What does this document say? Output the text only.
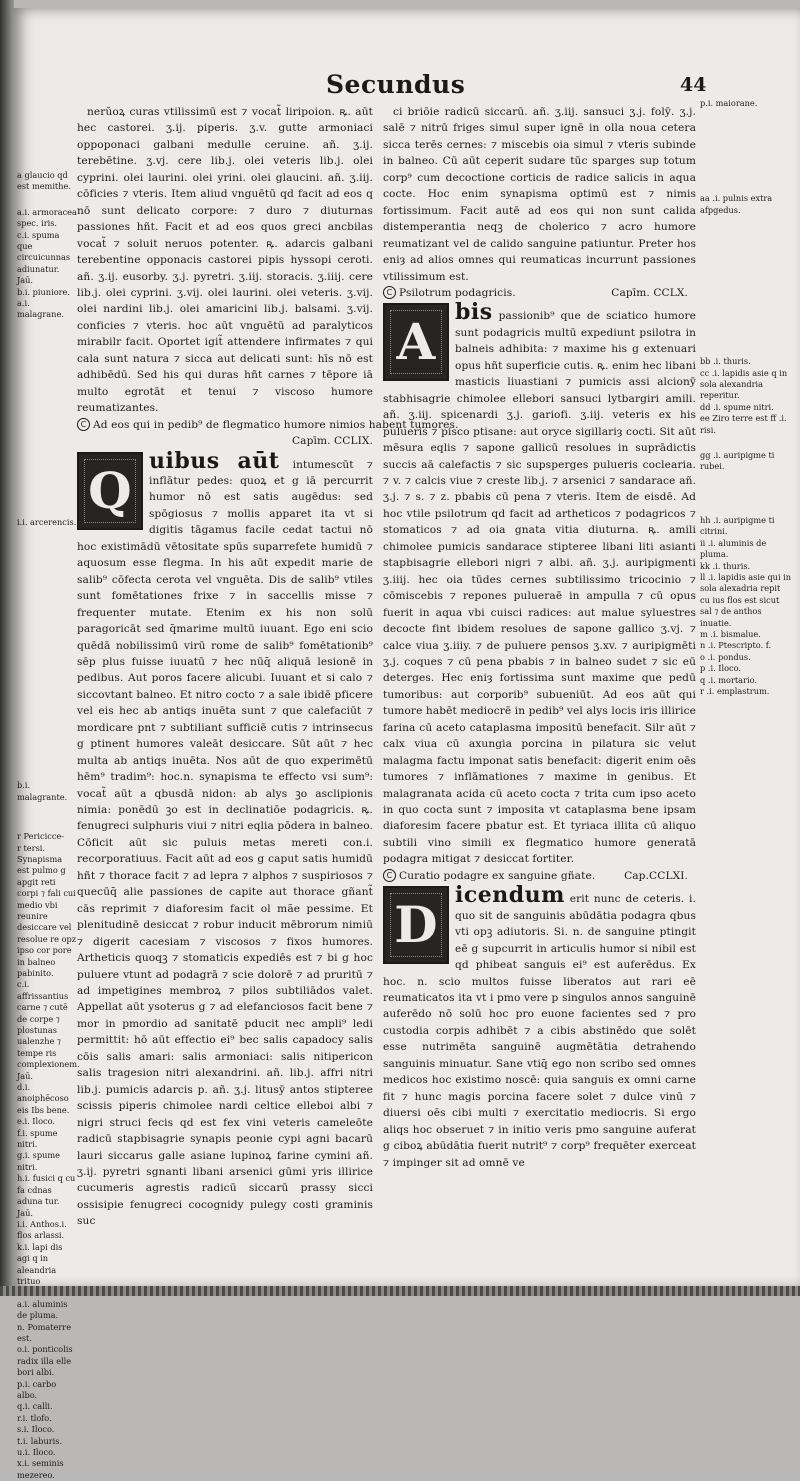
Secundus	44

a glaucio qd est memithe.

a.i. armoracea spec. iris.

c.i. spuma que circuicunnas adiunatur. Jaū.

b.i. piuniore.

a.i. malagrane.

i.i. arcerencis.

b.i. malagrante.

r Pericicce-

r tersi.

Synapisma est pulmo g apgit reti corpi ⁊ fali cui medio vbi reunire desiccare vel resolue re opz ipso cor pore in balneo pabinito.

c.i. affrissantius carne ⁊ cutē de corpe ⁊ plostunas ualenzhe ⁊ tempe ris complexionem. Jaū.

d.i. anoiphēcoso eis Ibs bene.

e.i. Iloco.

f.i. spume nitri.

g.i. spume nitri.

h.i. fusici q cu fa cdnas aduna tur. Jaū.

i.i. Anthos.i. flos arlassi.

k.i. lapi dis agi q in aleandria trituo

a.i. aluminis de pluma.

n. Pomaterre est.

o.i. ponticolis radix illa elle bori albi.

p.i. carbo albo.

q.i. calli.

r.i. tlofo.

s.i. Iloco.

t.i. laburis.

u.i. Iloco.

x.i. seminis mezereo.

nerŭoꝝ curas vtilissimū est ⁊ vocat̃ liripoion. ꝶ. aūt hec castorei. ʒ.ij. piperis. ʒ.v. gutte armoniaci oppoponaci galbani medulle ceruine. añ. ʒ.ij. terebētine. ʒ.vj. cere lib.j. olei veteris lib.j. olei cyprini. olei laurini. olei yrini. olei glaucini. añ. ʒ.iij. cōficies ⁊ vteris. Item aliud vnguētū qd facit ad eos q nō sunt delicato corpore: ⁊ duro ⁊ diuturnas passiones hñt. Facit et ad eos quos greci ancbilas vocat̃ ⁊ soluit neruos potenter. ꝶ. adarcis galbani terebentine opponacis castorei pipis hyssopi ceroti. añ. ʒ.ij. eusorby. ʒ.j. pyretri. ʒ.iij. storacis. ʒ.iiij. cere lib.j. olei cyprini. ʒ.vij. olei laurini. olei veteris. ʒ.vij. olei nardini lib.j. olei amaricini lib.j. balsami. ʒ.vij. conficies ⁊ vteris. hoc aūt vnguētū ad paralyticos mirabilr facit. Oportet igit̃ attendere infirmates ⁊ qui cala sunt natura ⁊ sicca aut delicati sunt: hīs nō est adhibēdū. Sed his qui duras hñt carnes ⁊ tēpore iā multo egrotāt et tenui ⁊ viscoso humore reumatizantes.

C Ad eos qui in pedib⁹ de flegmatico humore nimios habent tumores.

Capīm. CCLIX.

Q uibus aūt intumescūt ⁊ inflātur pedes: quoꝝ et g iā percurrit humor nō est satis augēdus: sed spōgiosus ⁊ mollis apparet ita vt si digitis tāgamus facile cedat tactui nō hoc existimādū vētositate spūs suparrefete humidū ⁊ aquosum esse flegma. In his aūt expedit marie de salib⁹ cōfecta cerota vel vnguēta. Dis de salib⁹ vtiles sunt fomētationes frixe ⁊ in saccellis misse ⁊ frequenter mutate. Etenim ex his non solū paragoricāt sed q̄marime multū iuuant. Ego eni scio quēdā nobilissimū virū rome de salib⁹ fomētationib⁹ sēp plus fuisse iuuatū ⁊ hec nūq̄ aliquā lesionē in pedibus. Aut poros facere alicubi. Iuuant et si calo ⁊ siccovtant balneo. Et nitro cocto ⁊ a sale ibidē pficere vel eis hec ab antiqs inuēta sunt ⁊ que calefaciūt ⁊ mordicare pnt ⁊ subtiliant sufficiē cutis ⁊ intrinsecus g ptinent humores valeāt desiccare. Sūt aūt ⁊ hec multa ab antiqs inuēta. Nos aūt de quo experimētū hēm⁹ tradim⁹: hoc.n. synapisma te effecto vsi sum⁹: vocat̃ aūt a qbusdā nidon: ab alys ꝫo asclipionis nimia: ponēdū ꝫo est in declinatiōe podagricis. ꝶ. fenugreci sulphuris viui ⁊ nitri eqlia pōdera in balneo. Cōficit aūt sic puluis metas mereti con.i. recorporatiuus. Facit aūt ad eos g caput satis humidū hñt ⁊ thorace facit ⁊ ad lepra ⁊ alphos ⁊ suspiriosos ⁊ quecūq̄ alie passiones de capite aut thorace gñant̃ cās reprimit ⁊ diaforesim facit ol mãe pessime. Et plenitudinē desiccat ⁊ robur inducit mēbrorum nimiū ⁊ digerit cacesiam ⁊ viscosos ⁊ fixos humores. Artheticis quoqꝫ ⁊ stomaticis expediēs est ⁊ bi g hoc puluere vtunt ad podagrā ⁊ scie dolorē ⁊ ad pruritū ⁊ ad impetigines membroꝝ ⁊ pilos subtiliādos valet. Appellat aūt ysoterus g ⁊ ad elefanciosos facit bene ⁊ mor in pmordio ad sanitatē pducit nec ampli⁹ ledi permittit: hō aūt effectio ei⁹ bec salis capadocy salis cōis salis amari: salis armoniaci: salis nitipericon salis tragesion nitri alexandrini. añ. lib.j. affri nitri lib.j. pumicis adarcis p. añ. ʒ.j. litusȳ antos stipteree scissis piperis chimolee nardi celtice elleboi albi ⁊ nigri struci fecis qd est fex vini veteris cameleōte radicū stapbisagrie synapis peonie cypi agni bacarū lauri siccarus galle asiane lupinoꝝ farine cymini añ. ʒ.ij. pyretri sgnanti libani arsenici gūmi yris illirice cucumeris agrestis radicū siccarū prassy sicci ossisipie fenugreci cocognidy pulegy costi graminis suc

ci briōie radicū siccarū. añ. ʒ.iij. sansuci ʒ.j. folȳ. ʒ.j. salē ⁊ nitrū friges simul super ignē in olla noua cetera sicca terēs cernes: ⁊ miscebis oia simul ⁊ vteris subinde in balneo. Cū aūt ceperit sudare tūc sparges sup totum corp⁹ cum decoctione corticis de radice salicis in aqua cocte. Hoc enim synapisma optimū est ⁊ nimis fortissimum. Facit autē ad eos qui non sunt calida distemperantia neqꝫ de cholerico ⁊ acro humore reumatizant vel de calido sanguine patiuntur. Preter hos eniȝ ad alios omnes qui reumaticas incurrunt passiones vtilissimum est.

C Psilotrum podagricis.	Capīm. CCLX.

A bis passionib⁹ que de sciatico humore sunt podagricis multū expediunt psilotra in balneis adhibita: ⁊ maxime his g extenuari opus hñt superficie cutis. ꝶ. enim hec libani masticis liuastiani ⁊ pumicis assi alcionȳ stabhisagrie chimolee ellebori sansuci lytbargiri amili. añ. ʒ.iij. spicenardi ʒ.j. gariofi. ʒ.iij. veteris ex his pulueris ⁊ pisco ptisane: aut oryce sigillariȝ cocti. Sit aūt mēsura eqlis ⁊ sapone gallicū resolues in suprādictis succis aā calefactis ⁊ sic supsperges pulueris coclearia. ⁊ v. ⁊ calcis viue ⁊ creste lib.j. ⁊ arsenici ⁊ sandarace añ. ʒ.j. ⁊ s. ⁊ z. pbabis cū pena ⁊ vteris. Item de eisdē. Ad hoc vtile psilotrum qd facit ad artheticos ⁊ podagricos ⁊ stomaticos ⁊ ad oia gnata vitia diuturna. ꝶ. amili chimolee pumicis sandarace stipteree libani liti asianti stapbisagrie ellebori nigri ⁊ albi. añ. ʒ.j. auripigmenti ʒ.iiij. hec oia tūdes cernes subtilissimo tricocinio ⁊ cōmiscebis ⁊ repones pulueraē in ampulla ⁊ cū opus fuerit in aqua vbi cuisci radices: aut malue syluestres decocte fint ibidem resolues de sapone gallico ʒ.vj. ⁊ calce viua ʒ.iiiy. ⁊ de puluere pensos ʒ.xv. ⁊ auripigmēti ʒ.j. coques ⁊ cū pena pbabis ⁊ in balneo sudet ⁊ sic eū deterges. Hec eniȝ fortissima sunt maxime que pedū tumoribus: aut corporib⁹ subueniūt. Ad eos aūt qui tumore habēt mediocrē in pedib⁹ vel alys locis iris illirice farina cū aceto cataplasma impositū benefacit. Silr aūt ⁊ calx viua cū axungia porcina in pilatura sic velut malagma factu imponat satis benefacit: digerit enim oēs tumores ⁊ inflāmationes ⁊ maxime in genibus. Et malagranata acida cū aceto cocta ⁊ trita cum ipso aceto in quo cocta sunt ⁊ imposita vt cataplasma bene ipsam diaforesim facere pbatur est. Et tyriaca illita cū aliquo subtili vino simili ex flegmatico humore generatā podagra mitigat ⁊ desiccat fortiter.

C Curatio podagre ex sanguine gñate.	Cap.CCLXI.

D icendum erit nunc de ceteris. i. quo sit de sanguinis abūdātia podagra qbus vti opꝫ adiutoris. Si. n. de sanguine ptingit eē g supcurrit in articulis humor si nibil est qd phibeat sanguis ei⁹ est auferēdus. Ex hoc. n. scio multos fuisse liberatos aut rari eē reumaticatos ita vt i pmo vere p singulos annos sanguinē auferēdo nō solū hoc pro euone facientes sed ⁊ pro custodia corpis adhibēt ⁊ a cibis abstinēdo que solēt esse nutrimēta sanguinē augmētātia detrahendo sanguinis minuatur. Sane vtiq̄ ego non scribo sed omnes medicos hoc existimo noscē: quia sanguis ex omni carne fit ⁊ hunc magis porcina facere solet ⁊ dulce vinū ⁊ diuersi oēs cibi multi ⁊ exercitatio mediocris. Si ergo aliqs hoc obseruet ⁊ in initio veris pmo sanguine auferat g ciboꝝ abūdātia fuerit nutrit⁹ ⁊ corp⁹ frequēter exerceat ⁊ impinger sit ad omnē ve

p.i. maiorane.

aa .i. pulnis extra afpgedus.

bb .i. thuris.

cc .i. lapidis asie q in sola alexandria reperitur.

dd .i. spume nitri.

ee Ziro terre est ff .i. risi.

gg .i. auripigme ti rubei.

hh .i. auripigme ti citrini.

ii .i. aluminis de pluma.

kk .i. thuris.

ll .i. lapidis asie qui in sola alexadria repit cu ius flos est sicut sal ⁊ de anthos inuatie.

m .i. bismalue.

n .i. Ptescripto. f.

o .i. pondus.

p .i. Iloco.

q .i. mortario.

r .i. emplastrum.
